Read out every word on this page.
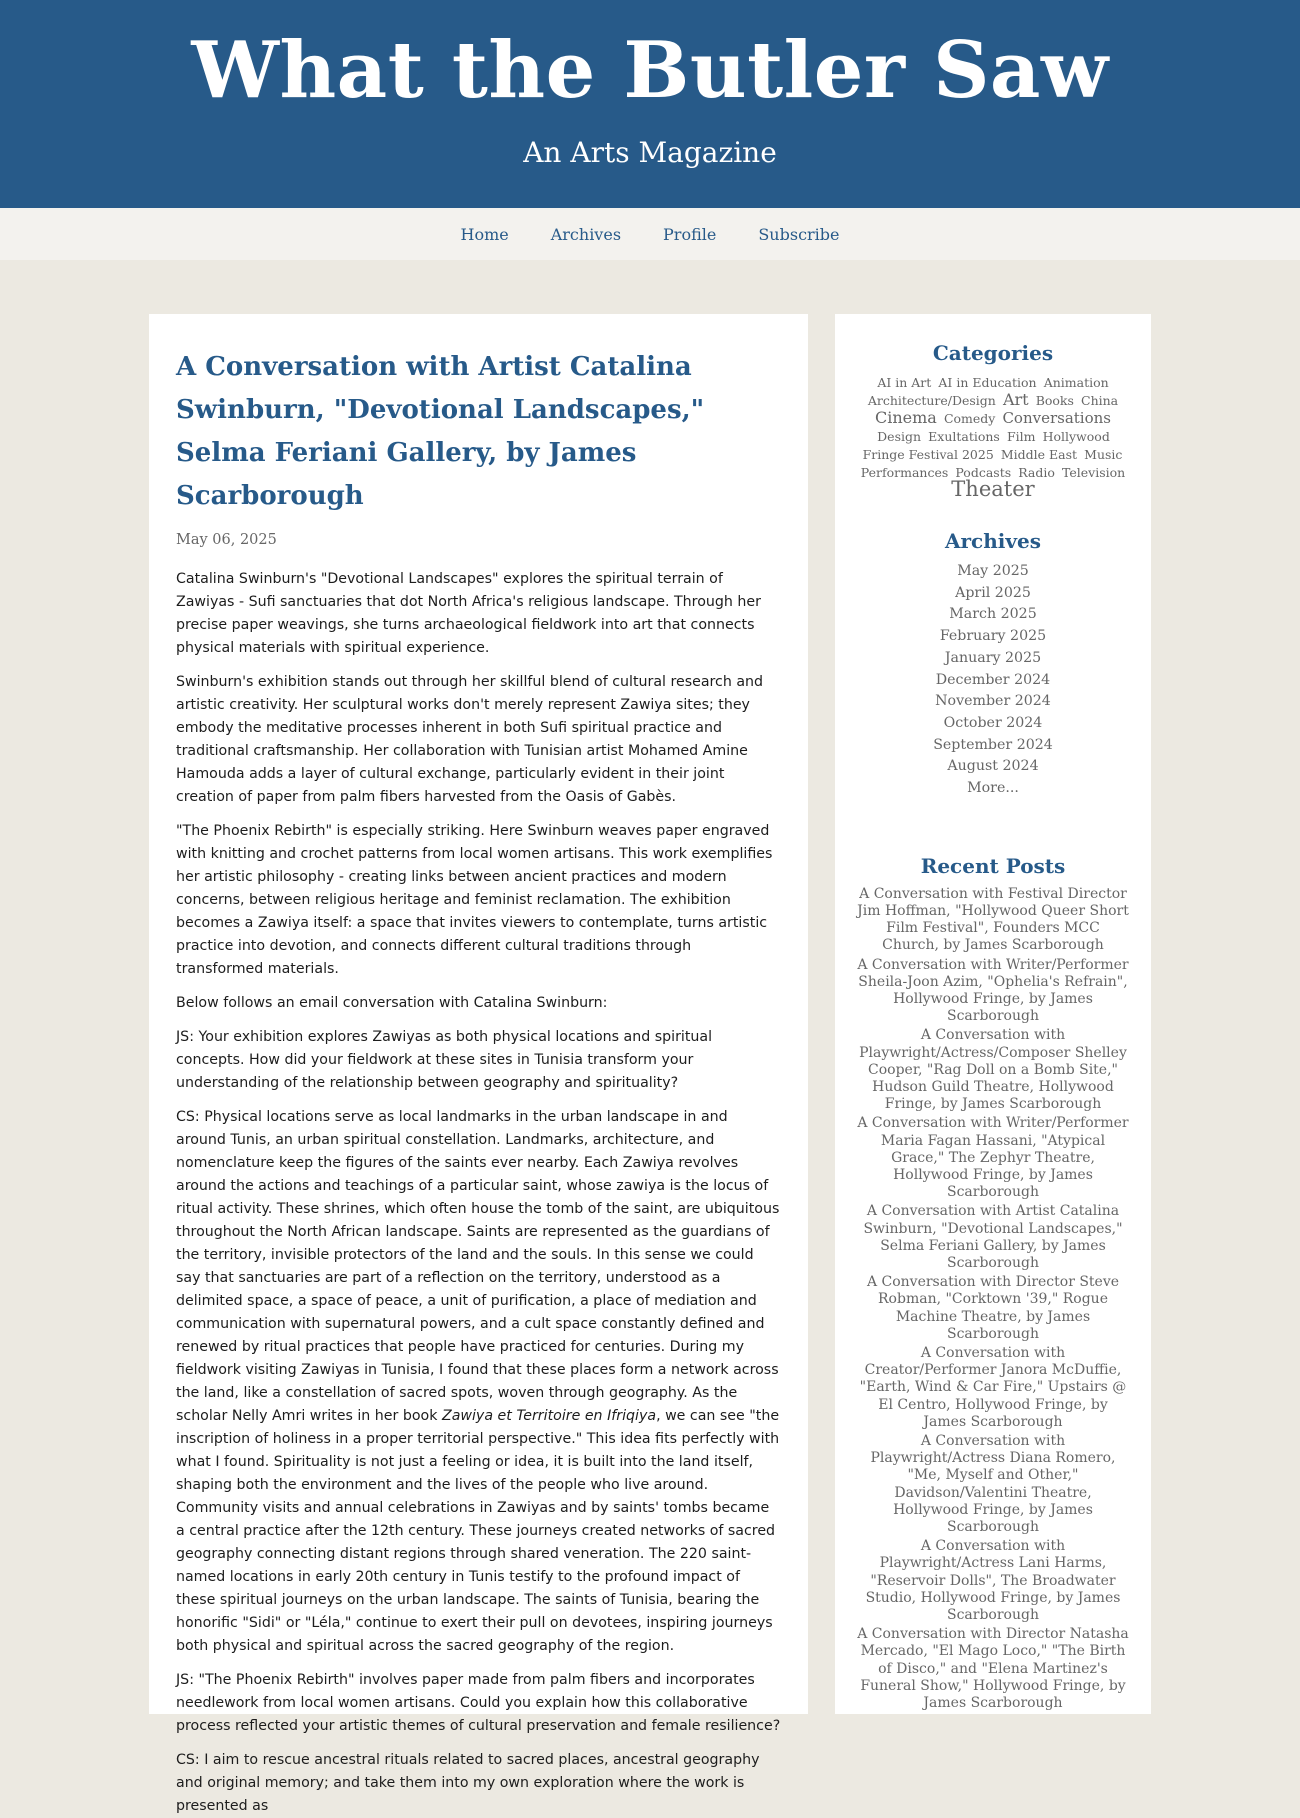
What the Butler Saw
An Arts Magazine
Home	Archives	Profile	Subscribe
A Conversation with Artist Catalina Swinburn, "Devotional Landscapes," Selma Feriani Gallery, by James Scarborough
May 06, 2025

Catalina Swinburn's "Devotional Landscapes" explores the spiritual terrain of Zawiyas - Sufi sanctuaries that dot North Africa's religious landscape. Through her precise paper weavings, she turns archaeological fieldwork into art that connects physical materials with spiritual experience.

Swinburn's exhibition stands out through her skillful blend of cultural research and artistic creativity. Her sculptural works don't merely represent Zawiya sites; they embody the meditative processes inherent in both Sufi spiritual practice and traditional craftsmanship. Her collaboration with Tunisian artist Mohamed Amine Hamouda adds a layer of cultural exchange, particularly evident in their joint creation of paper from palm fibers harvested from the Oasis of Gabès.

"The Phoenix Rebirth" is especially striking. Here Swinburn weaves paper engraved with knitting and crochet patterns from local women artisans. This work exemplifies her artistic philosophy - creating links between ancient practices and modern concerns, between religious heritage and feminist reclamation. The exhibition becomes a Zawiya itself: a space that invites viewers to contemplate, turns artistic practice into devotion, and connects different cultural traditions through transformed materials.

Below follows an email conversation with Catalina Swinburn:

JS: Your exhibition explores Zawiyas as both physical locations and spiritual concepts. How did your fieldwork at these sites in Tunisia transform your understanding of the relationship between geography and spirituality?

CS: Physical locations serve as local landmarks in the urban landscape in and around Tunis, an urban spiritual constellation. Landmarks, architecture, and nomenclature keep the figures of the saints ever nearby. Each Zawiya revolves around the actions and teachings of a particular saint, whose zawiya is the locus of ritual activity. These shrines, which often house the tomb of the saint, are ubiquitous throughout the North African landscape. Saints are represented as the guardians of the territory, invisible protectors of the land and the souls. In this sense we could say that sanctuaries are part of a reflection on the territory, understood as a delimited space, a space of peace, a unit of purification, a place of mediation and communication with supernatural powers, and a cult space constantly defined and renewed by ritual practices that people have practiced for centuries. During my fieldwork visiting Zawiyas in Tunisia, I found that these places form a network across the land, like a constellation of sacred spots, woven through geography. As the scholar Nelly Amri writes in her book Zawiya et Territoire en Ifriqiya, we can see "the inscription of holiness in a proper territorial perspective." This idea fits perfectly with what I found. Spirituality is not just a feeling or idea, it is built into the land itself, shaping both the environment and the lives of the people who live around. Community visits and annual celebrations in Zawiyas and by saints' tombs became a central practice after the 12th century. These journeys created networks of sacred geography connecting distant regions through shared veneration. The 220 saint-named locations in early 20th century in Tunis testify to the profound impact of these spiritual journeys on the urban landscape. The saints of Tunisia, bearing the honorific "Sidi" or "Léla," continue to exert their pull on devotees, inspiring journeys both physical and spiritual across the sacred geography of the region.

JS: "The Phoenix Rebirth" involves paper made from palm fibers and incorporates needlework from local women artisans. Could you explain how this collaborative process reflected your artistic themes of cultural preservation and female resilience?

CS: I aim to rescue ancestral rituals related to sacred places, ancestral geography and original memory; and take them into my own exploration where the work is presented as

Categories
AI in Art AI in Education Animation Architecture/Design Art Books China Cinema Comedy Conversations Design Exultations Film Hollywood Fringe Festival 2025 Middle East Music Performances Podcasts Radio Television Theater
Archives
May 2025
April 2025
March 2025
February 2025
January 2025
December 2024
November 2024
October 2024
September 2024
August 2024
More...
Recent Posts
A Conversation with Festival Director Jim Hoffman, "Hollywood Queer Short Film Festival", Founders MCC Church, by James Scarborough
A Conversation with Writer/Performer Sheila-Joon Azim, "Ophelia's Refrain", Hollywood Fringe, by James Scarborough
A Conversation with Playwright/Actress/Composer Shelley Cooper, "Rag Doll on a Bomb Site," Hudson Guild Theatre, Hollywood Fringe, by James Scarborough
A Conversation with Writer/Performer Maria Fagan Hassani, "Atypical Grace," The Zephyr Theatre, Hollywood Fringe, by James Scarborough
A Conversation with Artist Catalina Swinburn, "Devotional Landscapes," Selma Feriani Gallery, by James Scarborough
A Conversation with Director Steve Robman, "Corktown '39," Rogue Machine Theatre, by James Scarborough
A Conversation with Creator/Performer Janora McDuffie, "Earth, Wind & Car Fire," Upstairs @ El Centro, Hollywood Fringe, by James Scarborough
A Conversation with Playwright/Actress Diana Romero, "Me, Myself and Other," Davidson/Valentini Theatre, Hollywood Fringe, by James Scarborough
A Conversation with Playwright/Actress Lani Harms, "Reservoir Dolls", The Broadwater Studio, Hollywood Fringe, by James Scarborough
A Conversation with Director Natasha Mercado, "El Mago Loco," "The Birth of Disco," and "Elena Martinez's Funeral Show," Hollywood Fringe, by James Scarborough
